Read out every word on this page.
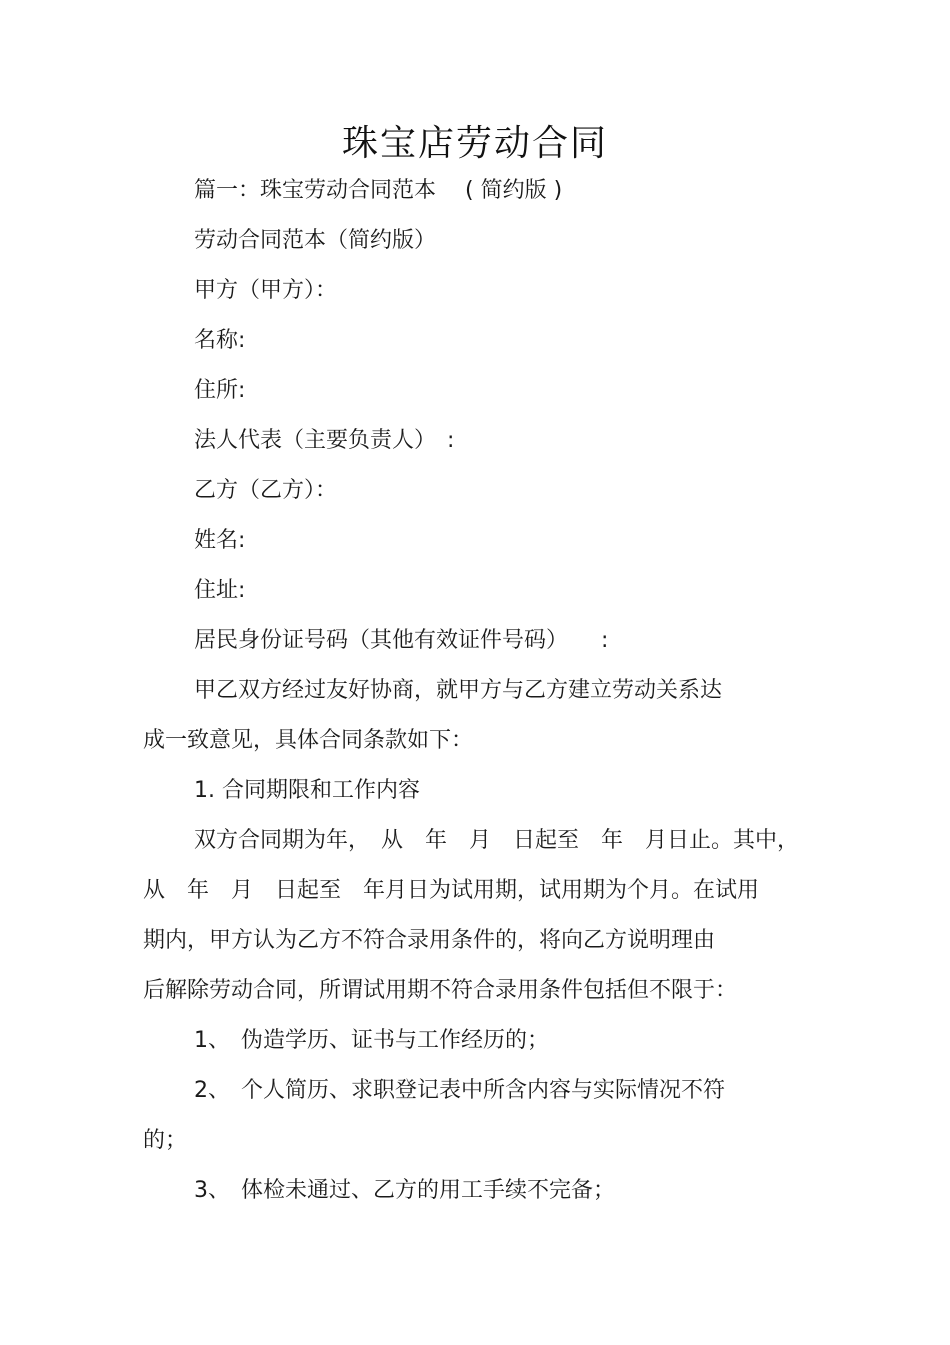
珠宝店劳动合同
篇一：珠宝劳动合同范本　 ( 简约版 )
劳动合同范本（简约版）
甲方（甲方）：
名称:
住所:
法人代表（主要负责人）　:
乙方（乙方）：
姓名:
住址:
居民身份证号码（其他有效证件号码）　　:
甲乙双方经过友好协商，就甲方与乙方建立劳动关系达
成一致意见，具体合同条款如下：
1. 合同期限和工作内容
双方合同期为年，　从　年　月　日起至　年　月日止。其中，
从　年　月　日起至　年月日为试用期，试用期为个月。在试用
期内，甲方认为乙方不符合录用条件的，将向乙方说明理由
后解除劳动合同，所谓试用期不符合录用条件包括但不限于：
1、　伪造学历、证书与工作经历的；
2、　个人简历、求职登记表中所含内容与实际情况不符
的；
3、　体检未通过、乙方的用工手续不完备；
